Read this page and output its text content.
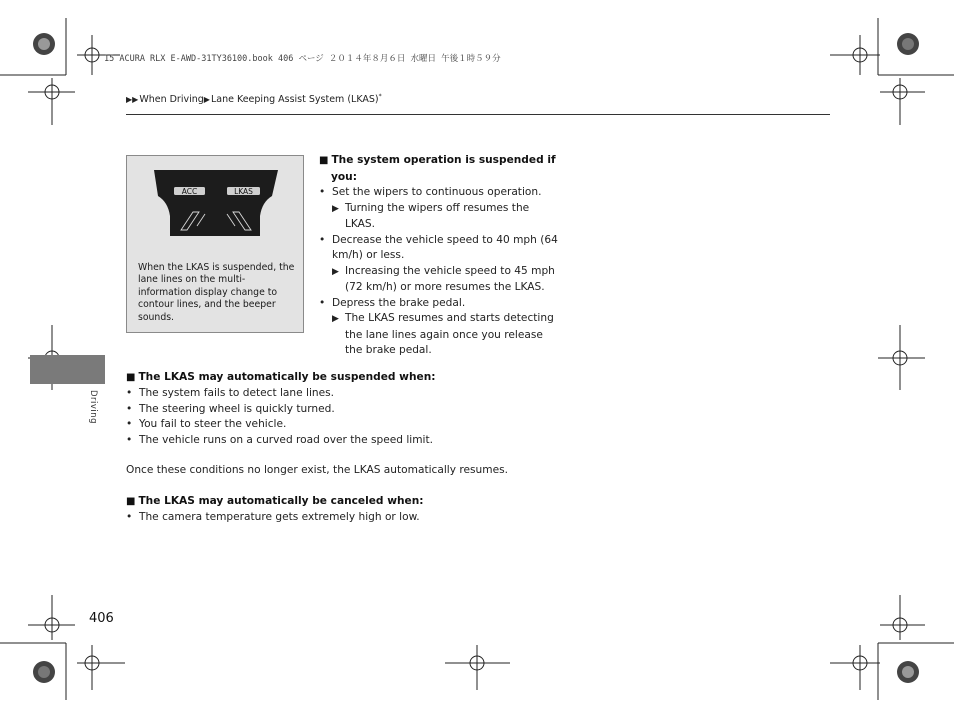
15 ACURA RLX E-AWD-31TY36100.book 406 ページ ２０１４年８月６日 水曜日 午後１時５９分
▶▶When Driving▶Lane Keeping Assist System (LKAS)*
ACC	LKAS
When the LKAS is suspended, the lane lines on the multi-information display change to contour lines, and the beeper sounds.
■ The system operation is suspended if you:
• Set the wipers to continuous operation.
▶ Turning the wipers off resumes the
LKAS.
• Decrease the vehicle speed to 40 mph (64 km/h) or less.
▶ Increasing the vehicle speed to 45 mph
(72 km/h) or more resumes the LKAS.
• Depress the brake pedal.
▶ The LKAS resumes and starts detecting
the lane lines again once you release the brake pedal.
■ The LKAS may automatically be suspended when:
• The system fails to detect lane lines.
• The steering wheel is quickly turned.
• You fail to steer the vehicle.
• The vehicle runs on a curved road over the speed limit.
Once these conditions no longer exist, the LKAS automatically resumes.
■ The LKAS may automatically be canceled when:
• The camera temperature gets extremely high or low.
Driving
406
